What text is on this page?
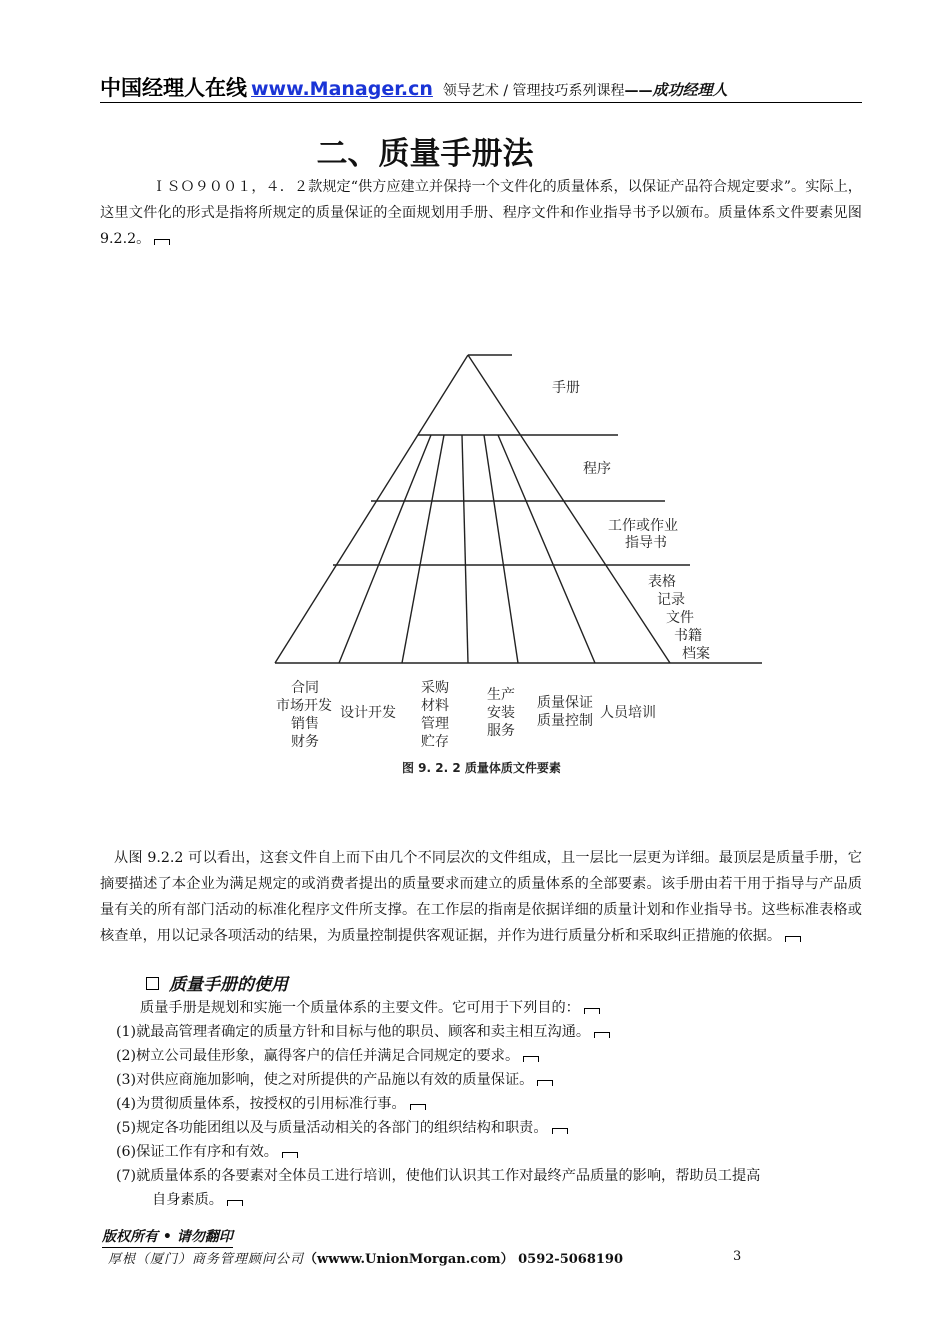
中国经理人在线 www.Manager.cn 领导艺术 / 管理技巧系列课程——成功经理人
二、质量手册法
ＩＳＯ９００１，４．２款规定“供方应建立并保持一个文件化的质量体系，以保证产品符合规定要求”。实际上，这里文件化的形式是指将所规定的质量保证的全面规划用手册、程序文件和作业指导书予以颁布。质量体系文件要素见图 9.2.2。
手册
程序
工作或作业
指导书
表格
记录
文件
书籍
档案
合同
市场开发
销售
财务
设计开发
采购
材料
管理
贮存
生产
安装
服务
质量保证
质量控制 人员培训
图 9. 2. 2 质量体质文件要素
从图 9.2.2 可以看出，这套文件自上而下由几个不同层次的文件组成，且一层比一层更为详细。最顶层是质量手册，它摘要描述了本企业为满足规定的或消费者提出的质量要求而建立的质量体系的全部要素。该手册由若干用于指导与产品质量有关的所有部门活动的标准化程序文件所支撑。在工作层的指南是依据详细的质量计划和作业指导书。这些标准表格或核查单，用以记录各项活动的结果，为质量控制提供客观证据，并作为进行质量分析和采取纠正措施的依据。
质量手册的使用
质量手册是规划和实施一个质量体系的主要文件。它可用于下列目的：
(1)就最高管理者确定的质量方针和目标与他的职员、顾客和卖主相互沟通。
(2)树立公司最佳形象，赢得客户的信任并满足合同规定的要求。
(3)对供应商施加影响，使之对所提供的产品施以有效的质量保证。
(4)为贯彻质量体系，按授权的引用标准行事。
(5)规定各功能团组以及与质量活动相关的各部门的组织结构和职责。
(6)保证工作有序和有效。
(7)就质量体系的各要素对全体员工进行培训，使他们认识其工作对最终产品质量的影响，帮助员工提高
自身素质。
版权所有 • 请勿翻印
厚根（厦门）商务管理顾问公司（wwww.UnionMorgan.com） 0592-5068190	3
